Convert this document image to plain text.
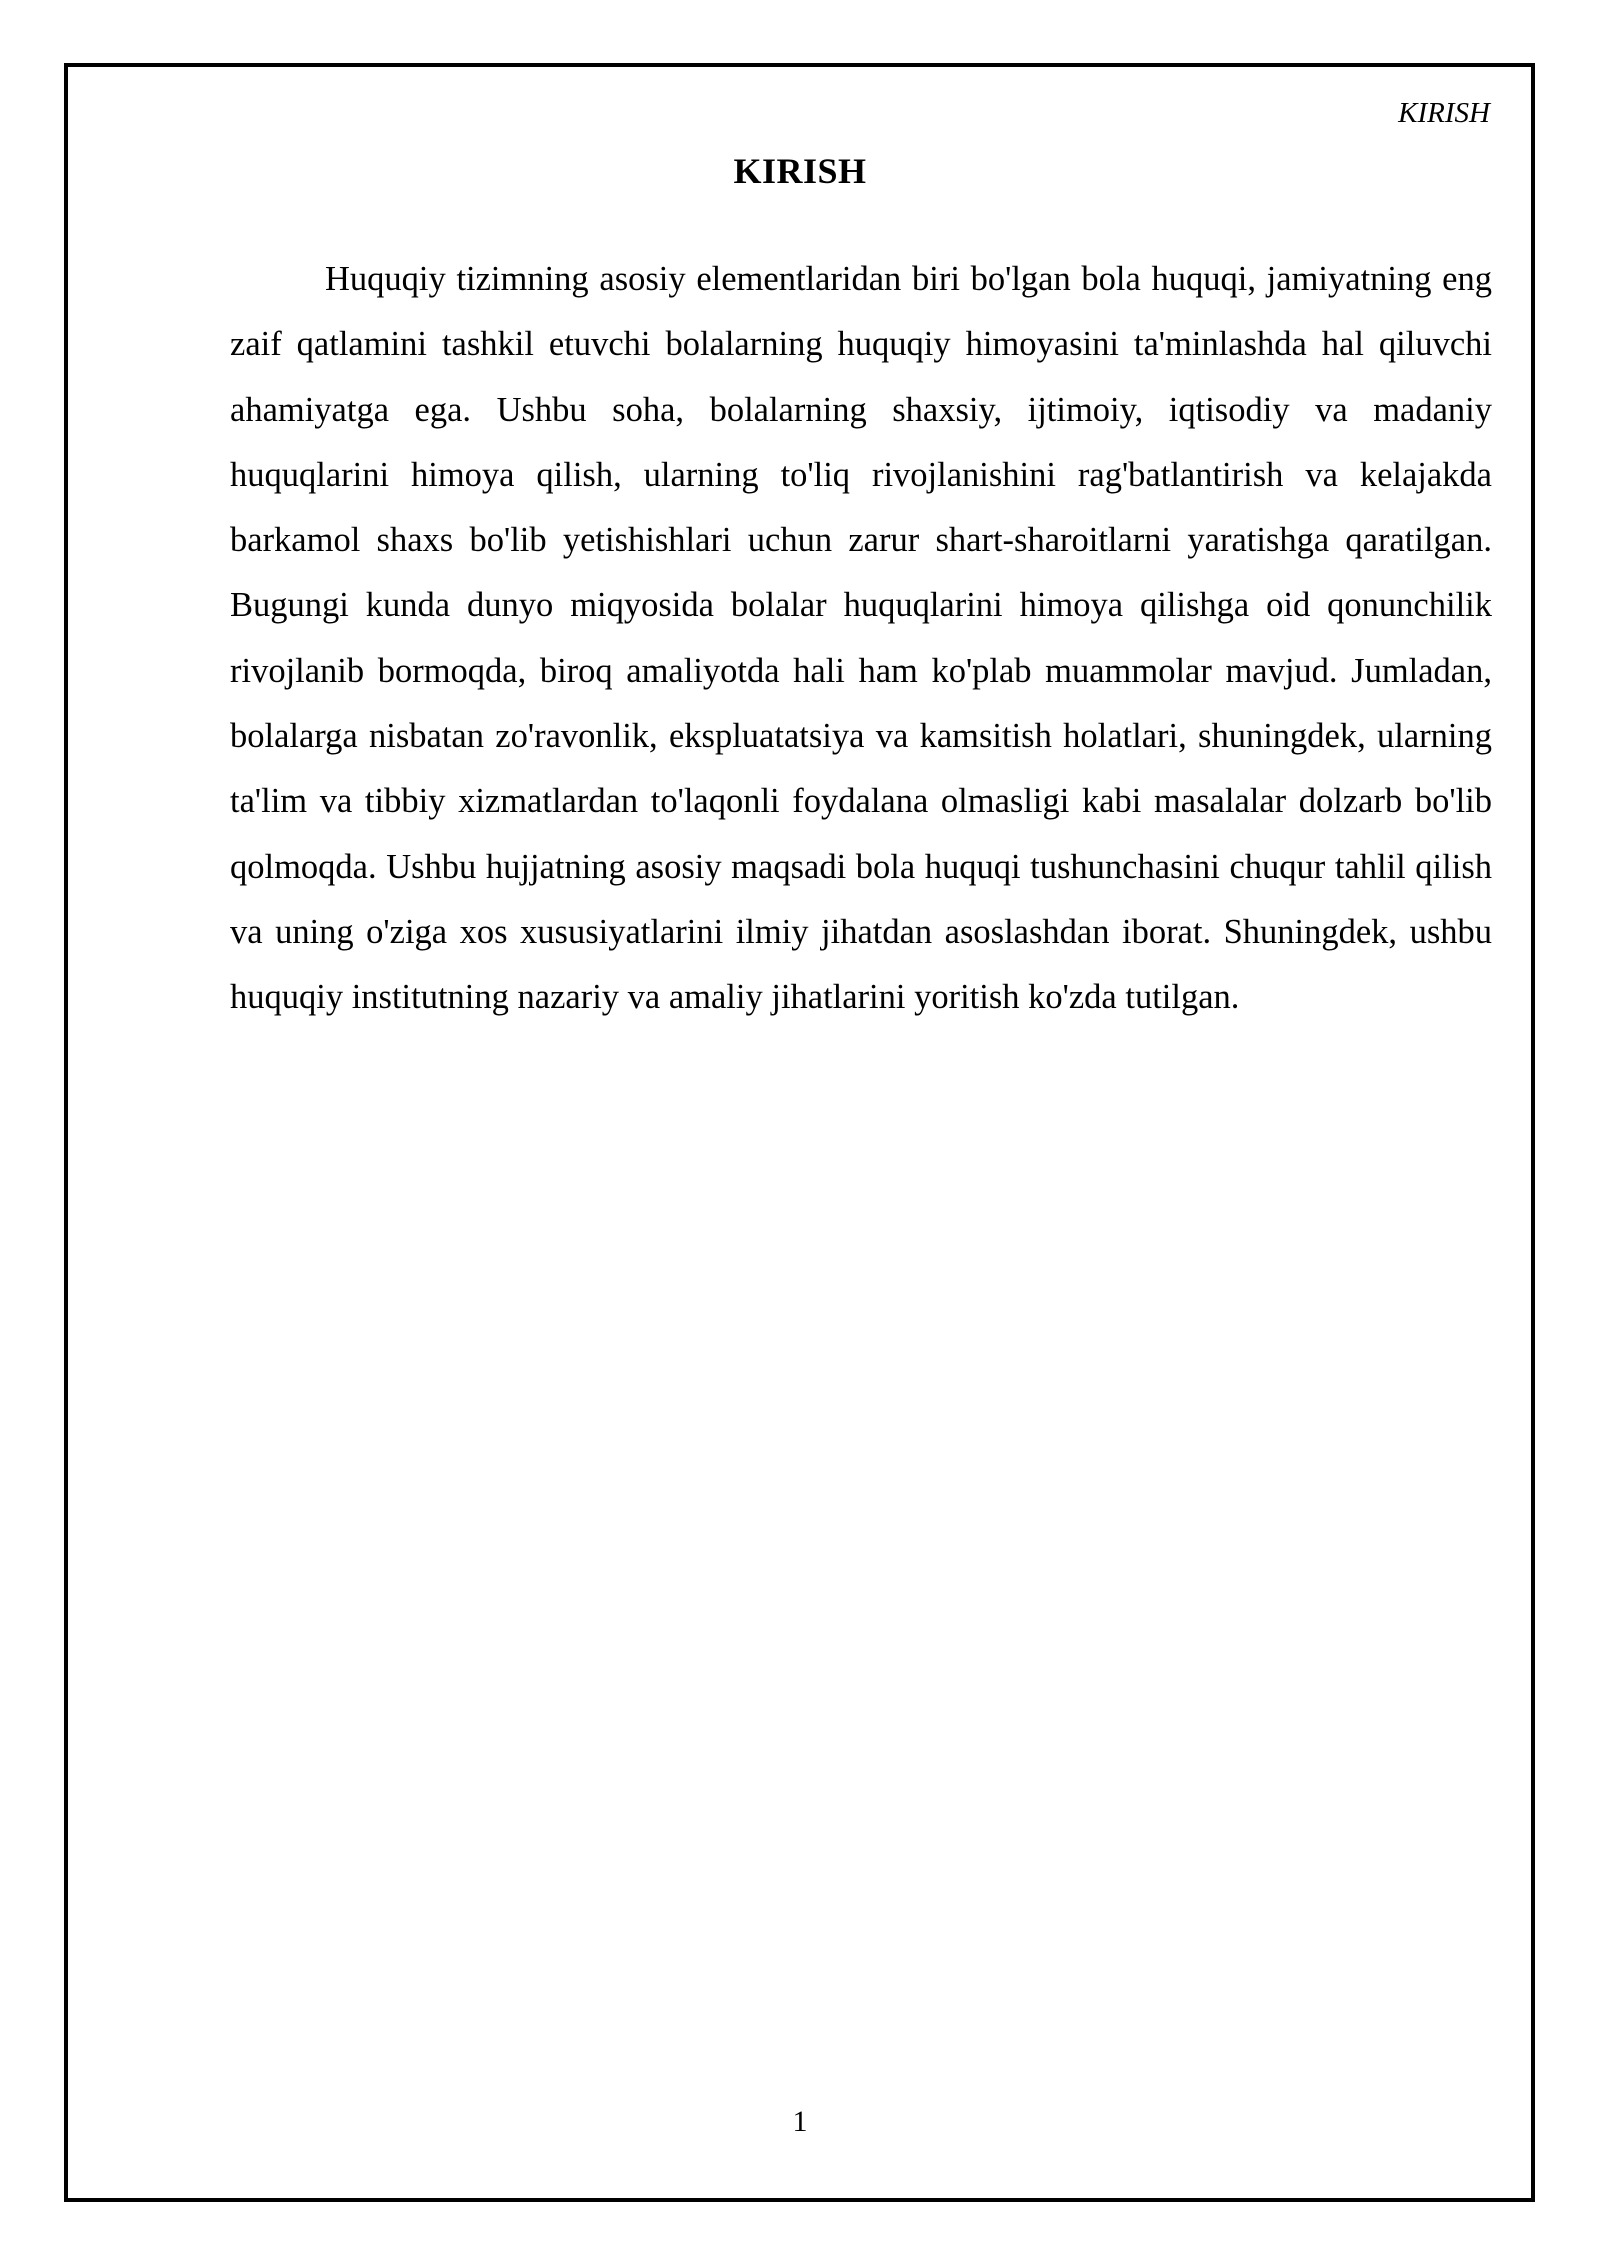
KIRISH
KIRISH

Huquqiy tizimning asosiy elementlaridan biri bo'lgan bola huquqi, jamiyatning eng zaif qatlamini tashkil etuvchi bolalarning huquqiy himoyasini ta'minlashda hal qiluvchi ahamiyatga ega. Ushbu soha, bolalarning shaxsiy, ijtimoiy, iqtisodiy va madaniy huquqlarini himoya qilish, ularning to'liq rivojlanishini rag'batlantirish va kelajakda barkamol shaxs bo'lib yetishishlari uchun zarur shart-sharoitlarni yaratishga qaratilgan. Bugungi kunda dunyo miqyosida bolalar huquqlarini himoya qilishga oid qonunchilik rivojlanib bormoqda, biroq amaliyotda hali ham ko'plab muammolar mavjud. Jumladan, bolalarga nisbatan zo'ravonlik, ekspluatatsiya va kamsitish holatlari, shuningdek, ularning ta'lim va tibbiy xizmatlardan to'laqonli foydalana olmasligi kabi masalalar dolzarb bo'lib qolmoqda. Ushbu hujjatning asosiy maqsadi bola huquqi tushunchasini chuqur tahlil qilish va uning o'ziga xos xususiyatlarini ilmiy jihatdan asoslashdan iborat. Shuningdek, ushbu huquqiy institutning nazariy va amaliy jihatlarini yoritish ko'zda tutilgan.

1
